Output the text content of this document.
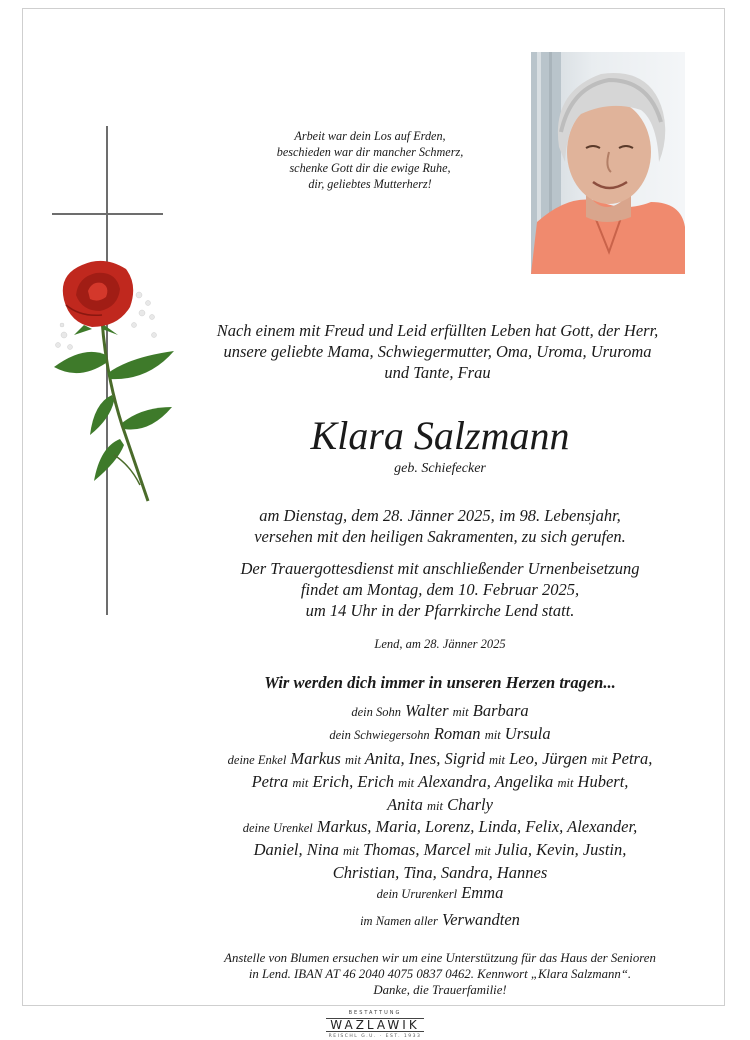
Arbeit war dein Los auf Erden,
beschieden war dir mancher Schmerz,
schenke Gott dir die ewige Ruhe,
dir, geliebtes Mutterherz!
Nach einem mit Freud und Leid erfüllten Leben hat Gott, der Herr,
unsere geliebte Mama, Schwiegermutter, Oma, Uroma, Ururoma
und Tante, Frau
Klara Salzmann
geb. Schiefecker
am Dienstag, dem 28. Jänner 2025, im 98. Lebensjahr,
versehen mit den heiligen Sakramenten, zu sich gerufen.
Der Trauergottesdienst mit anschließender Urnenbeisetzung
findet am Montag, dem 10. Februar 2025,
um 14 Uhr in der Pfarrkirche Lend statt.
Lend, am 28. Jänner 2025
Wir werden dich immer in unseren Herzen tragen...
dein Sohn Walter mit Barbara
dein Schwiegersohn Roman mit Ursula
deine Enkel Markus mit Anita, Ines, Sigrid mit Leo, Jürgen mit Petra,
Petra mit Erich, Erich mit Alexandra, Angelika mit Hubert,
Anita mit Charly
deine Urenkel Markus, Maria, Lorenz, Linda, Felix, Alexander,
Daniel, Nina mit Thomas, Marcel mit Julia, Kevin, Justin,
Christian, Tina, Sandra, Hannes
dein Ururenkerl Emma
im Namen aller Verwandten
Anstelle von Blumen ersuchen wir um eine Unterstützung für das Haus der Senioren
in Lend. IBAN AT 46 2040 4075 0837 0462. Kennwort „Klara Salzmann“.
Danke, die Trauerfamilie!
BESTATTUNG
WAZLAWIK
REISCHL G.U. · EST. 1933
